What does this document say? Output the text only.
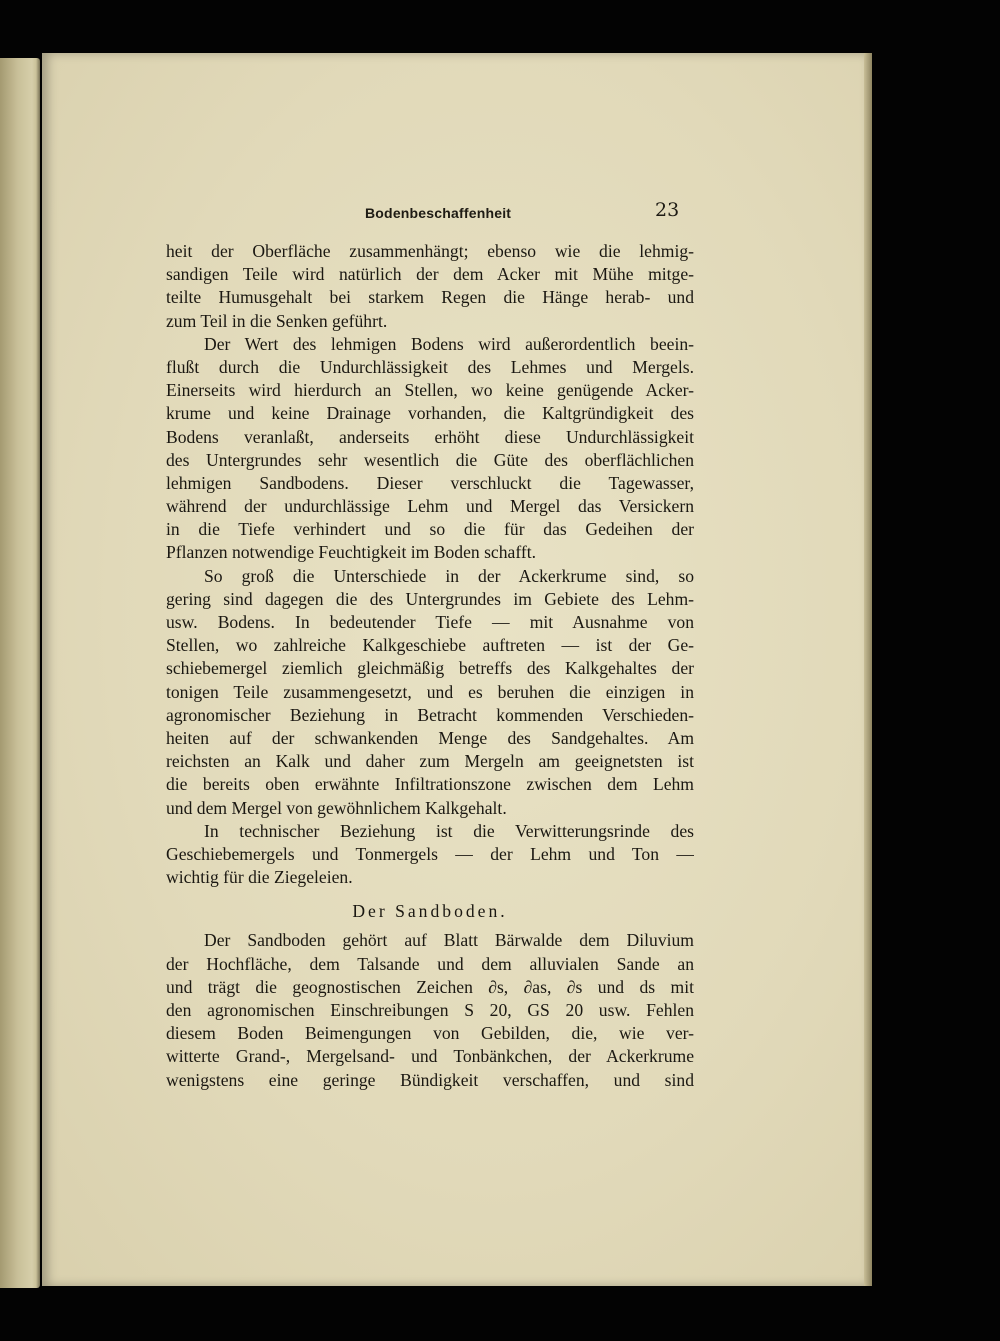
Bodenbeschaffenheit	23
heit der Oberfläche zusammenhängt; ebenso wie die lehmig-
sandigen Teile wird natürlich der dem Acker mit Mühe mitge-
teilte Humusgehalt bei starkem Regen die Hänge herab- und
zum Teil in die Senken geführt.
Der Wert des lehmigen Bodens wird außerordentlich beein-
flußt durch die Undurchlässigkeit des Lehmes und Mergels.
Einerseits wird hierdurch an Stellen, wo keine genügende Acker-
krume und keine Drainage vorhanden, die Kaltgründigkeit des
Bodens veranlaßt, anderseits erhöht diese Undurchlässigkeit
des Untergrundes sehr wesentlich die Güte des oberflächlichen
lehmigen Sandbodens. Dieser verschluckt die Tagewasser,
während der undurchlässige Lehm und Mergel das Versickern
in die Tiefe verhindert und so die für das Gedeihen der
Pflanzen notwendige Feuchtigkeit im Boden schafft.
So groß die Unterschiede in der Ackerkrume sind, so
gering sind dagegen die des Untergrundes im Gebiete des Lehm-
usw. Bodens. In bedeutender Tiefe — mit Ausnahme von
Stellen, wo zahlreiche Kalkgeschiebe auftreten — ist der Ge-
schiebemergel ziemlich gleichmäßig betreffs des Kalkgehaltes der
tonigen Teile zusammengesetzt, und es beruhen die einzigen in
agronomischer Beziehung in Betracht kommenden Verschieden-
heiten auf der schwankenden Menge des Sandgehaltes. Am
reichsten an Kalk und daher zum Mergeln am geeignetsten ist
die bereits oben erwähnte Infiltrationszone zwischen dem Lehm
und dem Mergel von gewöhnlichem Kalkgehalt.
In technischer Beziehung ist die Verwitterungsrinde des
Geschiebemergels und Tonmergels — der Lehm und Ton —
wichtig für die Ziegeleien.
Der Sandboden.
Der Sandboden gehört auf Blatt Bärwalde dem Diluvium
der Hochfläche, dem Talsande und dem alluvialen Sande an
und trägt die geognostischen Zeichen ∂s, ∂as, ∂s und ds mit
den agronomischen Einschreibungen S 20, GS 20 usw. Fehlen
diesem Boden Beimengungen von Gebilden, die, wie ver-
witterte Grand-, Mergelsand- und Tonbänkchen, der Ackerkrume
wenigstens eine geringe Bündigkeit verschaffen, und sind
